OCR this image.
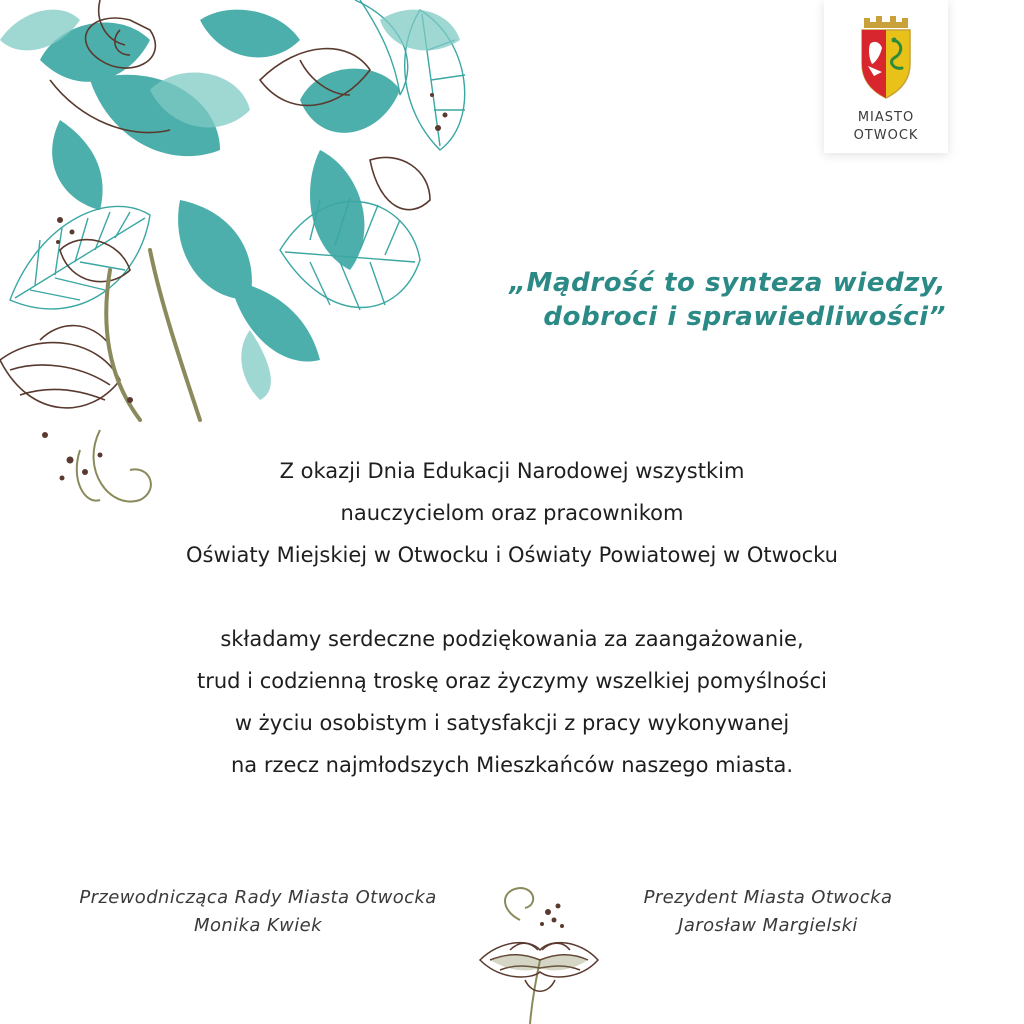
MIASTO
OTWOCK
„Mądrość to synteza wiedzy,
dobroci i sprawiedliwości”
Z okazji Dnia Edukacji Narodowej wszystkim
nauczycielom oraz pracownikom
Oświaty Miejskiej w Otwocku i Oświaty Powiatowej w Otwocku
składamy serdeczne podziękowania za zaangażowanie,
trud i codzienną troskę oraz życzymy wszelkiej pomyślności
w życiu osobistym i satysfakcji z pracy wykonywanej
na rzecz najmłodszych Mieszkańców naszego miasta.
Przewodnicząca Rady Miasta Otwocka
Monika Kwiek
Prezydent Miasta Otwocka
Jarosław Margielski
